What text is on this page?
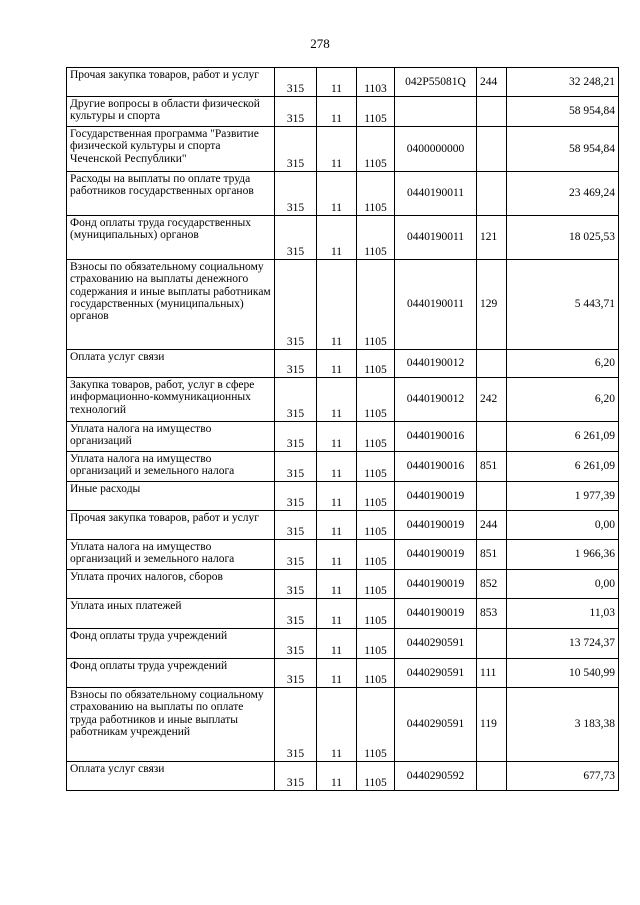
278
Прочая закупка товаров, работ и услуг	315	11	1103	042P55081Q	244	32 248,21
Другие вопросы в области физической культуры и спорта	315	11	1105			58 954,84
Государственная программа "Развитие физической культуры и спорта Чеченской Республики"	315	11	1105	0400000000		58 954,84
Расходы на выплаты по оплате труда работников государственных органов	315	11	1105	0440190011		23 469,24
Фонд оплаты труда государственных (муниципальных) органов	315	11	1105	0440190011	121	18 025,53
Взносы по обязательному социальному страхованию на выплаты денежного содержания и иные выплаты работникам государственных (муниципальных) органов	315	11	1105	0440190011	129	5 443,71
Оплата услуг связи	315	11	1105	0440190012		6,20
Закупка товаров, работ, услуг в сфере информационно-коммуникационных технологий	315	11	1105	0440190012	242	6,20
Уплата налога на имущество организаций	315	11	1105	0440190016		6 261,09
Уплата налога на имущество организаций и земельного налога	315	11	1105	0440190016	851	6 261,09
Иные расходы	315	11	1105	0440190019		1 977,39
Прочая закупка товаров, работ и услуг	315	11	1105	0440190019	244	0,00
Уплата налога на имущество организаций и земельного налога	315	11	1105	0440190019	851	1 966,36
Уплата прочих налогов, сборов	315	11	1105	0440190019	852	0,00
Уплата иных платежей	315	11	1105	0440190019	853	11,03
Фонд оплаты труда учреждений	315	11	1105	0440290591		13 724,37
Фонд оплаты труда учреждений	315	11	1105	0440290591	111	10 540,99
Взносы по обязательному социальному страхованию на выплаты по оплате труда работников и иные выплаты работникам учреждений	315	11	1105	0440290591	119	3 183,38
Оплата услуг связи	315	11	1105	0440290592		677,73
